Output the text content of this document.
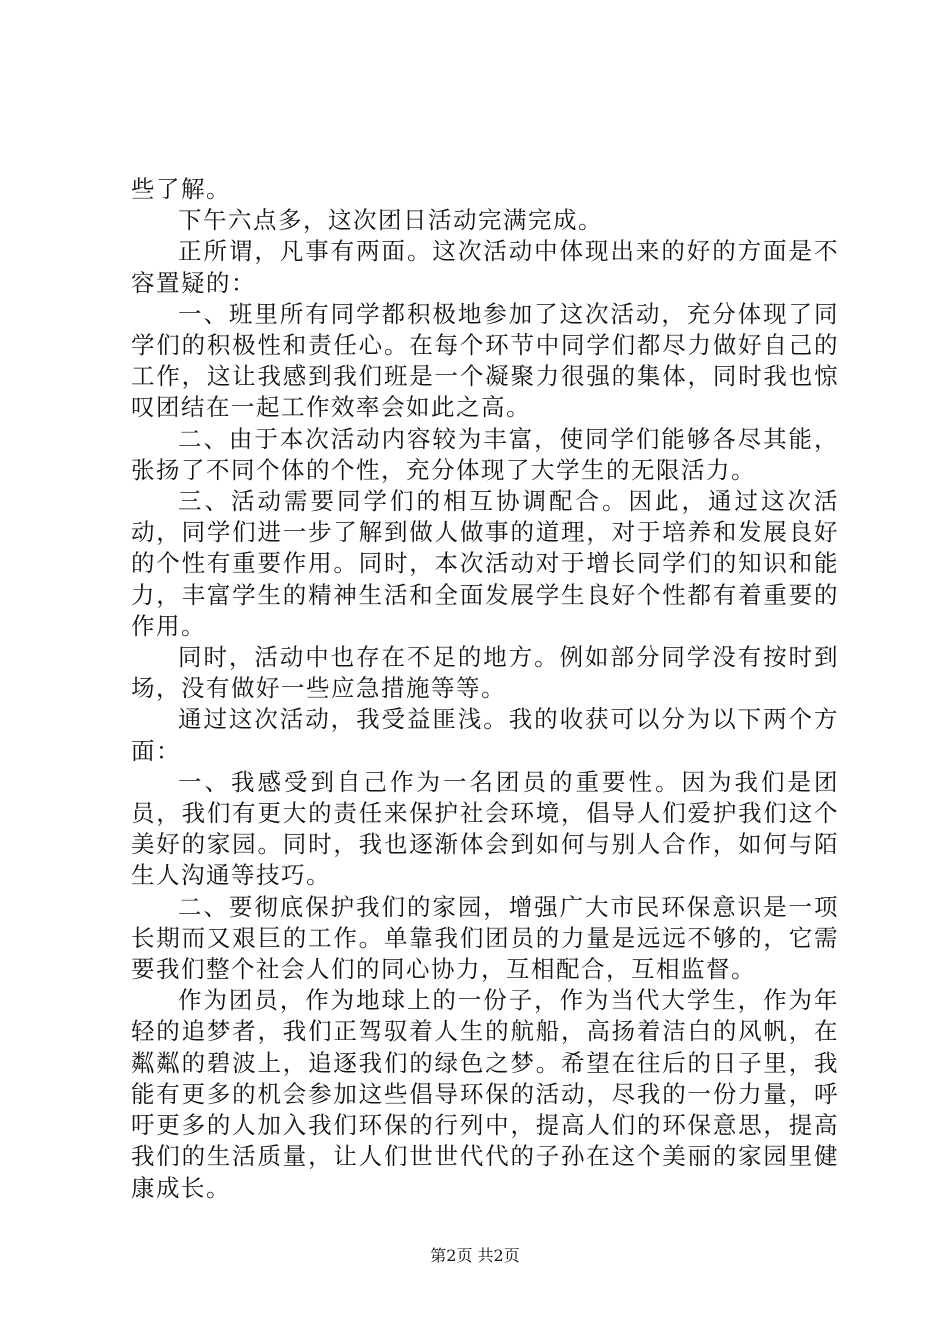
些了解。

下午六点多，这次团日活动完满完成。

正所谓，凡事有两面。这次活动中体现出来的好的方面是不容置疑的：

一、班里所有同学都积极地参加了这次活动，充分体现了同学们的积极性和责任心。在每个环节中同学们都尽力做好自己的工作，这让我感到我们班是一个凝聚力很强的集体，同时我也惊叹团结在一起工作效率会如此之高。

二、由于本次活动内容较为丰富，使同学们能够各尽其能，张扬了不同个体的个性，充分体现了大学生的无限活力。

三、活动需要同学们的相互协调配合。因此，通过这次活动，同学们进一步了解到做人做事的道理，对于培养和发展良好的个性有重要作用。同时，本次活动对于增长同学们的知识和能力，丰富学生的精神生活和全面发展学生良好个性都有着重要的作用。

同时，活动中也存在不足的地方。例如部分同学没有按时到场，没有做好一些应急措施等等。

通过这次活动，我受益匪浅。我的收获可以分为以下两个方面：

一、我感受到自己作为一名团员的重要性。因为我们是团员，我们有更大的责任来保护社会环境，倡导人们爱护我们这个美好的家园。同时，我也逐渐体会到如何与别人合作，如何与陌生人沟通等技巧。

二、要彻底保护我们的家园，增强广大市民环保意识是一项长期而又艰巨的工作。单靠我们团员的力量是远远不够的，它需要我们整个社会人们的同心协力，互相配合，互相监督。

作为团员，作为地球上的一份子，作为当代大学生，作为年轻的追梦者，我们正驾驭着人生的航船，高扬着洁白的风帆，在粼粼的碧波上，追逐我们的绿色之梦。希望在往后的日子里，我能有更多的机会参加这些倡导环保的活动，尽我的一份力量，呼吁更多的人加入我们环保的行列中，提高人们的环保意思，提高我们的生活质量，让人们世世代代的子孙在这个美丽的家园里健康成长。

第2页 共2页
